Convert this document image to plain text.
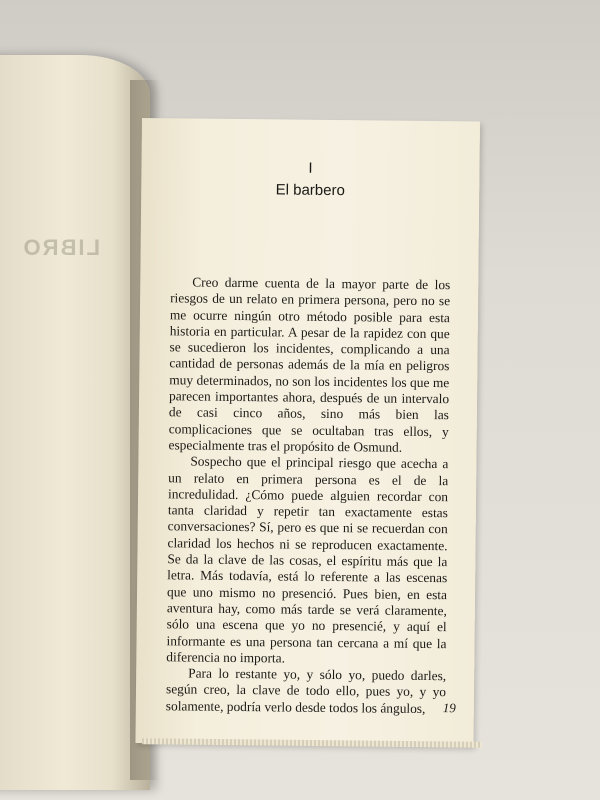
LIBRO
I
El barbero

Creo darme cuenta de la mayor parte de los riesgos de un relato en primera persona, pero no se me ocurre ningún otro método posible para esta historia en particular. A pesar de la rapidez con que se sucedieron los incidentes, complicando a una cantidad de personas además de la mía en peligros muy determinados, no son los incidentes los que me parecen importantes ahora, después de un intervalo de casi cinco años, sino más bien las complicaciones que se ocultaban tras ellos, y especialmente tras el propósito de Osmund.

Sospecho que el principal riesgo que acecha a un relato en primera persona es el de la incredulidad. ¿Cómo puede alguien recordar con tanta claridad y repetir tan exactamente estas conversaciones? Sí, pero es que ni se recuerdan con claridad los hechos ni se reproducen exactamente. Se da la clave de las cosas, el espíritu más que la letra. Más todavía, está lo referente a las escenas que uno mismo no presenció. Pues bien, en esta aventura hay, como más tarde se verá claramente, sólo una escena que yo no presencié, y aquí el informante es una persona tan cercana a mí que la diferencia no importa.

Para lo restante yo, y sólo yo, puedo darles, según creo, la clave de todo ello, pues yo, y yo solamente, podría verlo desde todos los ángulos,	19
